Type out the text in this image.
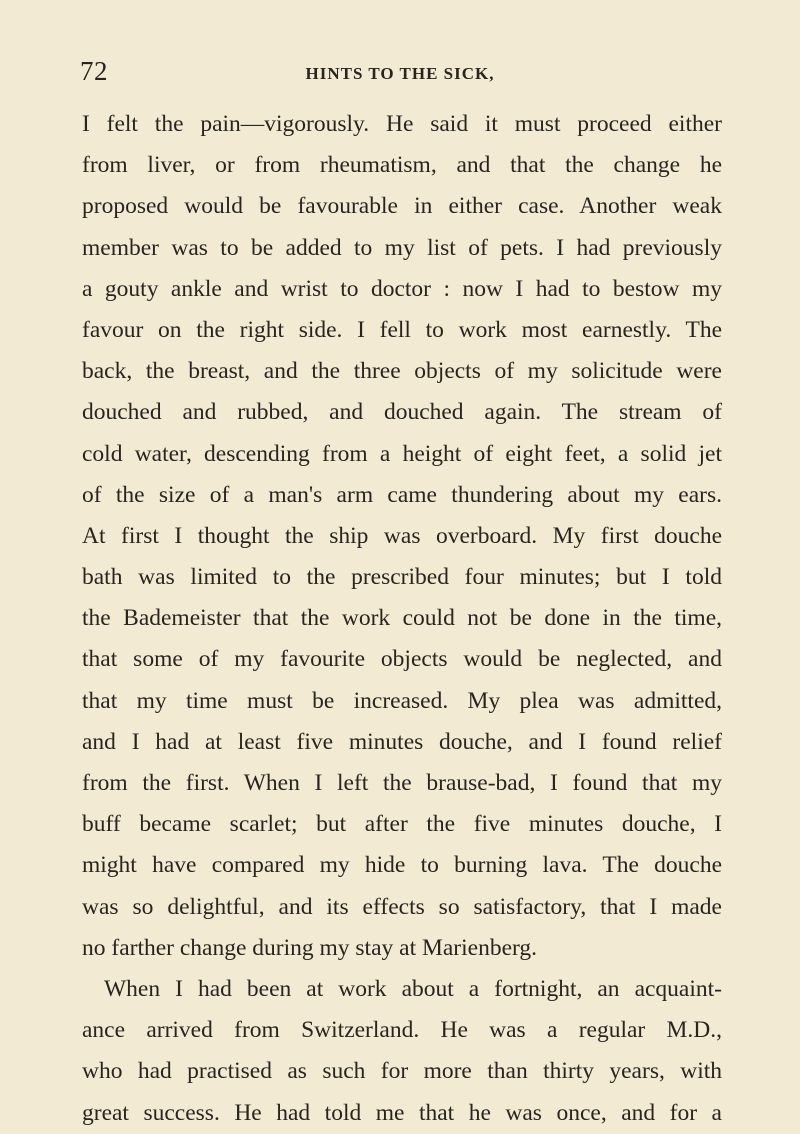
72	HINTS TO THE SICK,
I felt the pain—vigorously. He said it must proceed either
from liver, or from rheumatism, and that the change he
proposed would be favourable in either case. Another weak
member was to be added to my list of pets. I had previously
a gouty ankle and wrist to doctor : now I had to bestow my
favour on the right side. I fell to work most earnestly. The
back, the breast, and the three objects of my solicitude were
douched and rubbed, and douched again. The stream of
cold water, descending from a height of eight feet, a solid jet
of the size of a man's arm came thundering about my ears.
At first I thought the ship was overboard. My first douche
bath was limited to the prescribed four minutes; but I told
the Bademeister that the work could not be done in the time,
that some of my favourite objects would be neglected, and
that my time must be increased. My plea was admitted,
and I had at least five minutes douche, and I found relief
from the first. When I left the brause-bad, I found that my
buff became scarlet; but after the five minutes douche, I
might have compared my hide to burning lava. The douche
was so delightful, and its effects so satisfactory, that I made
no farther change during my stay at Marienberg.
When I had been at work about a fortnight, an acquaint-
ance arrived from Switzerland. He was a regular M.D.,
who had practised as such for more than thirty years, with
great success. He had told me that he was once, and for a
